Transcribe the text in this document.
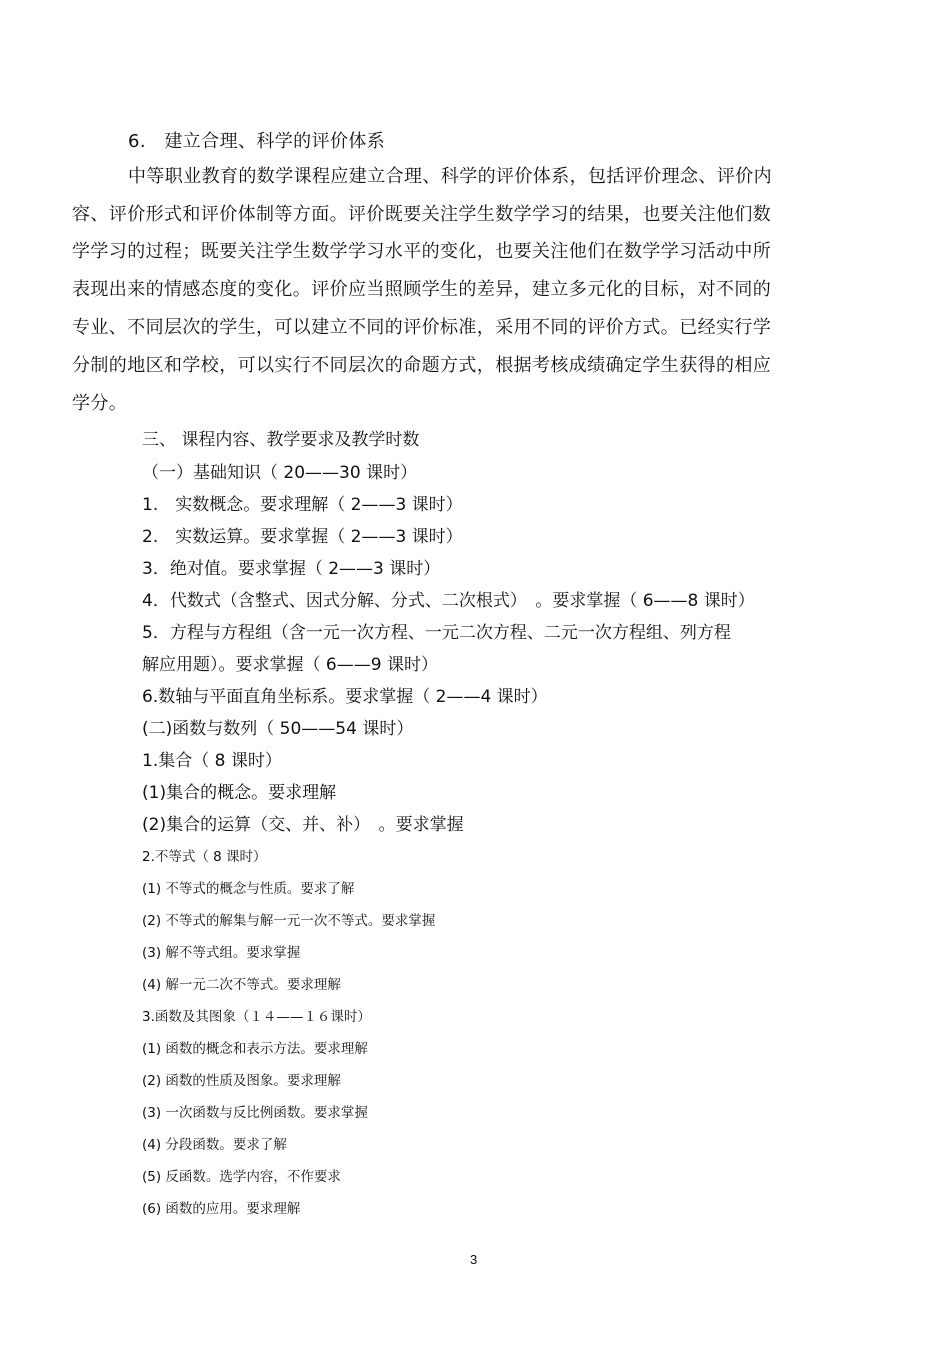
6.　建立合理、科学的评价体系
中等职业教育的数学课程应建立合理、科学的评价体系，包括评价理念、评价内
容、评价形式和评价体制等方面。评价既要关注学生数学学习的结果，也要关注他们数
学学习的过程；既要关注学生数学学习水平的变化，也要关注他们在数学学习活动中所
表现出来的情感态度的变化。评价应当照顾学生的差异，建立多元化的目标，对不同的
专业、不同层次的学生，可以建立不同的评价标准，采用不同的评价方式。已经实行学
分制的地区和学校，可以实行不同层次的命题方式，根据考核成绩确定学生获得的相应
学分。
三、 课程内容、教学要求及教学时数
（一）基础知识（ 20——30 课时）
1.　实数概念。要求理解（ 2——3 课时）
2.　实数运算。要求掌握（ 2——3 课时）
3．绝对值。要求掌握（ 2——3 课时）
4．代数式（含整式、因式分解、分式、二次根式）　。要求掌握（ 6——8 课时）
5．方程与方程组（含一元一次方程、一元二次方程、二元一次方程组、列方程
解应用题）。要求掌握（ 6——9 课时）
6.数轴与平面直角坐标系。要求掌握（ 2——4 课时）
(二)函数与数列（ 50——54 课时）
1.集合（ 8 课时）
(1)集合的概念。要求理解
(2)集合的运算（交、并、补）　。要求掌握
2.不等式（ 8 课时）
(1) 不等式的概念与性质。要求了解
(2) 不等式的解集与解一元一次不等式。要求掌握
(3) 解不等式组。要求掌握
(4) 解一元二次不等式。要求理解
3.函数及其图象（１４——１６课时）
(1) 函数的概念和表示方法。要求理解
(2) 函数的性质及图象。要求理解
(3) 一次函数与反比例函数。要求掌握
(4) 分段函数。要求了解
(5) 反函数。选学内容，不作要求
(6) 函数的应用。要求理解
3
